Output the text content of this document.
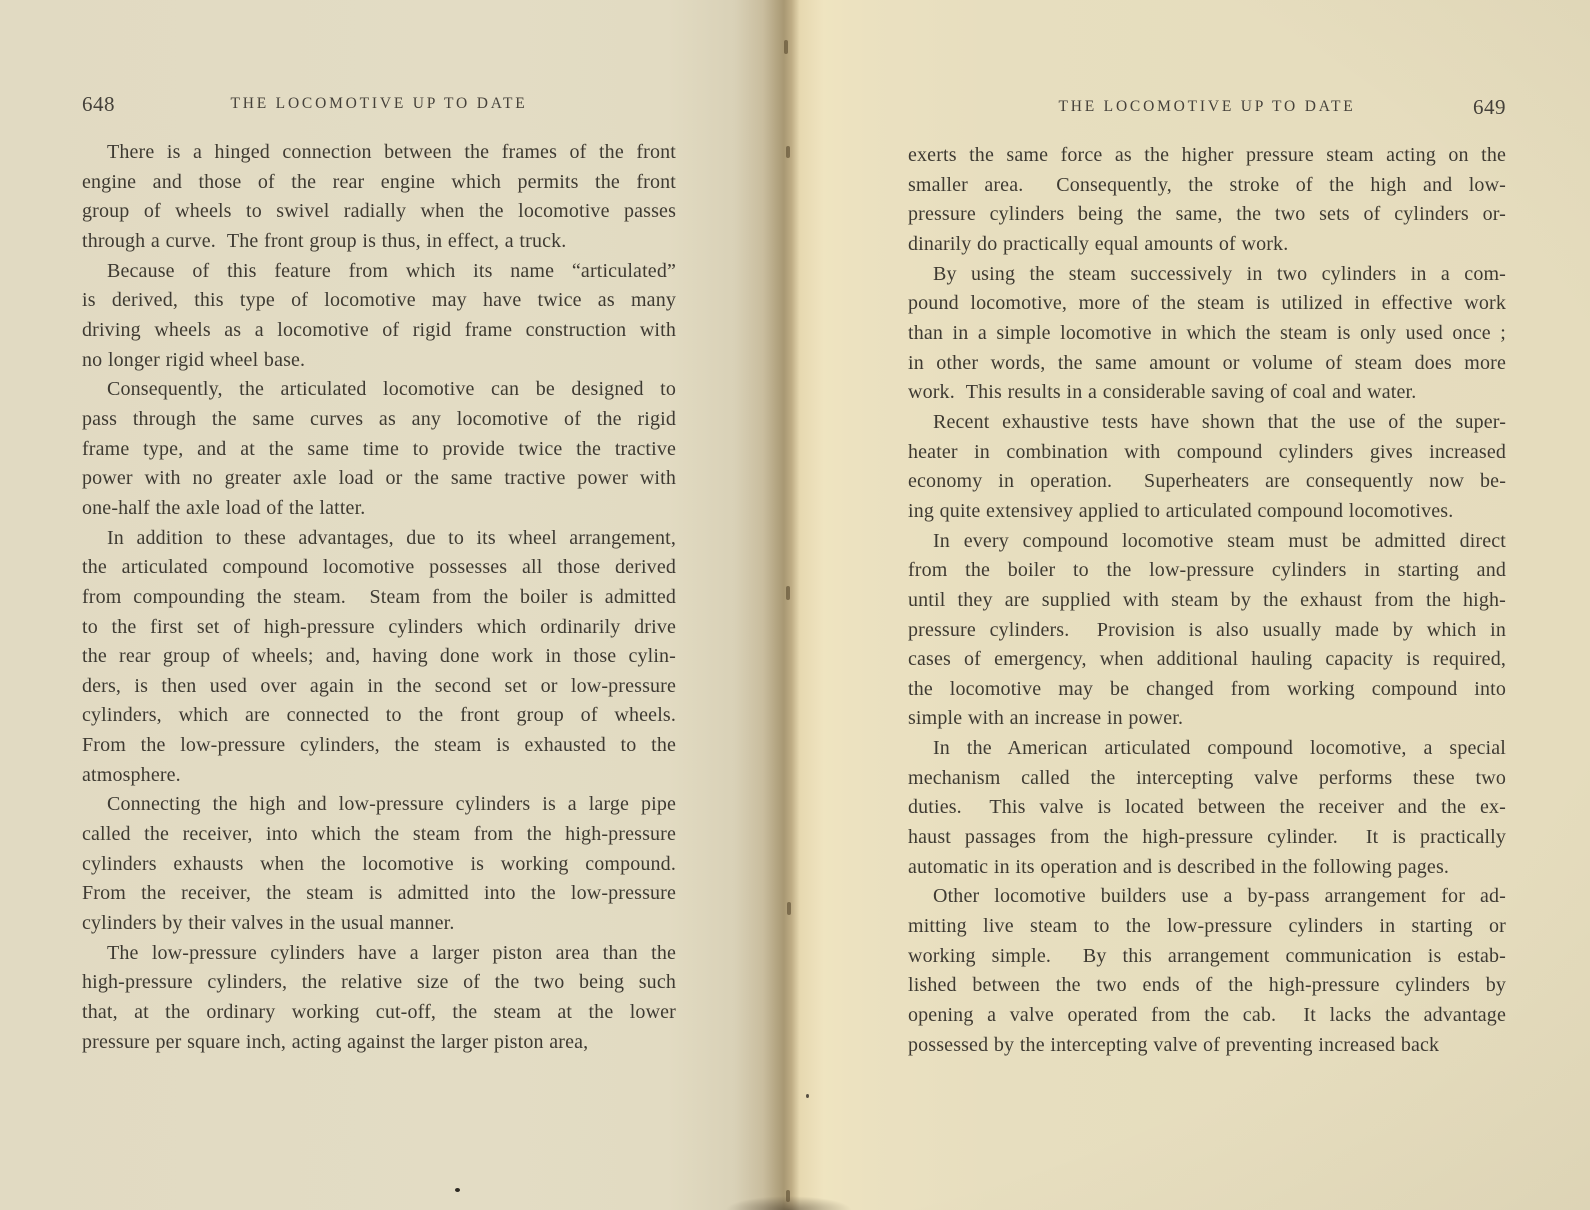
648	THE LOCOMOTIVE UP TO DATE
There is a hinged connection between the frames of the front
engine and those of the rear engine which permits the front
group of wheels to swivel radially when the locomotive passes
through a curve.  The front group is thus, in effect, a truck.
Because of this feature from which its name “articulated”
is derived, this type of locomotive may have twice as many
driving wheels as a locomotive of rigid frame construction with
no longer rigid wheel base.
Consequently, the articulated locomotive can be designed to
pass through the same curves as any locomotive of the rigid
frame type, and at the same time to provide twice the tractive
power with no greater axle load or the same tractive power with
one-half the axle load of the latter.
In addition to these advantages, due to its wheel arrangement,
the articulated compound locomotive possesses all those derived
from compounding the steam.  Steam from the boiler is admitted
to the first set of high-pressure cylinders which ordinarily drive
the rear group of wheels; and, having done work in those cylin-
ders, is then used over again in the second set or low-pressure
cylinders, which are connected to the front group of wheels.
From the low-pressure cylinders, the steam is exhausted to the
atmosphere.
Connecting the high and low-pressure cylinders is a large pipe
called the receiver, into which the steam from the high-pressure
cylinders exhausts when the locomotive is working compound.
From the receiver, the steam is admitted into the low-pressure
cylinders by their valves in the usual manner.
The low-pressure cylinders have a larger piston area than the
high-pressure cylinders, the relative size of the two being such
that, at the ordinary working cut-off, the steam at the lower
pressure per square inch, acting against the larger piston area,
THE LOCOMOTIVE UP TO DATE	649
exerts the same force as the higher pressure steam acting on the
smaller area.  Consequently, the stroke of the high and low-
pressure cylinders being the same, the two sets of cylinders or-
dinarily do practically equal amounts of work.
By using the steam successively in two cylinders in a com-
pound locomotive, more of the steam is utilized in effective work
than in a simple locomotive in which the steam is only used once ;
in other words, the same amount or volume of steam does more
work.  This results in a considerable saving of coal and water.
Recent exhaustive tests have shown that the use of the super-
heater in combination with compound cylinders gives increased
economy in operation.  Superheaters are consequently now be-
ing quite extensivey applied to articulated compound locomotives.
In every compound locomotive steam must be admitted direct
from the boiler to the low-pressure cylinders in starting and
until they are supplied with steam by the exhaust from the high-
pressure cylinders.  Provision is also usually made by which in
cases of emergency, when additional hauling capacity is required,
the locomotive may be changed from working compound into
simple with an increase in power.
In the American articulated compound locomotive, a special
mechanism called the intercepting valve performs these two
duties.  This valve is located between the receiver and the ex-
haust passages from the high-pressure cylinder.  It is practically
automatic in its operation and is described in the following pages.
Other locomotive builders use a by-pass arrangement for ad-
mitting live steam to the low-pressure cylinders in starting or
working simple.  By this arrangement communication is estab-
lished between the two ends of the high-pressure cylinders by
opening a valve operated from the cab.  It lacks the advantage
possessed by the intercepting valve of preventing increased back
